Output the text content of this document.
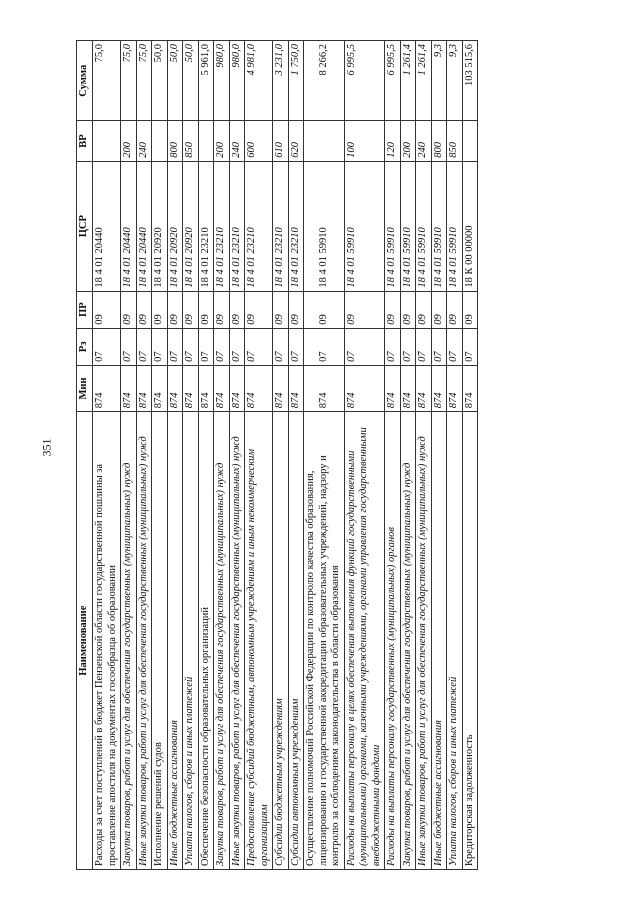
351
Наименование	Мин	Рз	ПР	ЦСР	ВР	Сумма
Расходы за счет поступлений в бюджет Пензенской области государственной пошлины за проставление апостиля на документах госообразца об образовании	874	07	09	18 4 01 20440		75,0
Закупка товаров, работ и услуг для обеспечения государственных (муниципальных) нужд	874	07	09	18 4 01 20440	200	75,0
Иные закупки товаров, работ и услуг для обеспечения государственных (муниципальных) нужд	874	07	09	18 4 01 20440	240	75,0
Исполнение решений судов	874	07	09	18 4 01 20920		50,0
Иные бюджетные ассигнования	874	07	09	18 4 01 20920	800	50,0
Уплата налогов, сборов и иных платежей	874	07	09	18 4 01 20920	850	50,0
Обеспечение безопасности образовательных организаций	874	07	09	18 4 01 23210		5 961,0
Закупка товаров, работ и услуг для обеспечения государственных (муниципальных) нужд	874	07	09	18 4 01 23210	200	980,0
Иные закупки товаров, работ и услуг для обеспечения государственных (муниципальных) нужд	874	07	09	18 4 01 23210	240	980,0
Предоставление субсидий бюджетным, автономным учреждениям и иным некоммерческим организациям	874	07	09	18 4 01 23210	600	4 981,0
Субсидии бюджетным учреждениям	874	07	09	18 4 01 23210	610	3 231,0
Субсидии автономным учреждениям	874	07	09	18 4 01 23210	620	1 750,0
Осуществление полномочий Российской Федерации по контролю качества образования, лицензированию и государственной аккредитации образовательных учреждений, надзору и контролю за соблюдением законодательства в области образования	874	07	09	18 4 01 59910		8 266,2
Расходы на выплаты персоналу в целях обеспечения выполнения функций государственными (муниципальными) органами, казенными учреждениями, органами управления государственными внебюджетными фондами	874	07	09	18 4 01 59910	100	6 995,5
Расходы на выплаты персоналу государственных (муниципальных) органов	874	07	09	18 4 01 59910	120	6 995,5
Закупка товаров, работ и услуг для обеспечения государственных (муниципальных) нужд	874	07	09	18 4 01 59910	200	1 261,4
Иные закупки товаров, работ и услуг для обеспечения государственных (муниципальных) нужд	874	07	09	18 4 01 59910	240	1 261,4
Иные бюджетные ассигнования	874	07	09	18 4 01 59910	800	9,3
Уплата налогов, сборов и иных платежей	874	07	09	18 4 01 59910	850	9,3
Кредиторская задолженность	874	07	09	18 К 00 00000		103 515,6
